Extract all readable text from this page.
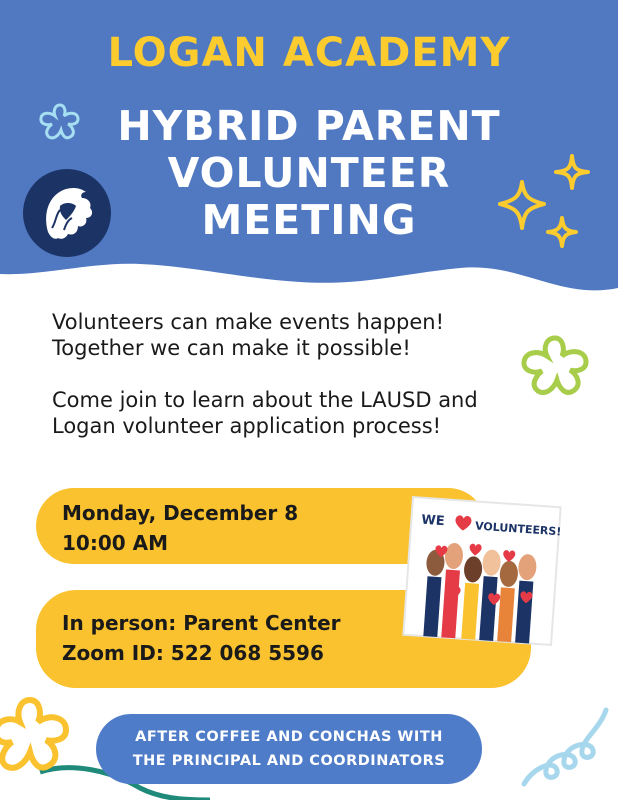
LOGAN ACADEMY
HYBRID PARENT
VOLUNTEER
MEETING

Volunteers can make events happen!
Together we can make it possible!

Come join to learn about the LAUSD and
Logan volunteer application process!

Monday, December 8
10:00 AM
In person: Parent Center
Zoom ID: 522 068 5596
WE	VOLUNTEERS!
AFTER COFFEE AND CONCHAS WITH
THE PRINCIPAL AND COORDINATORS
